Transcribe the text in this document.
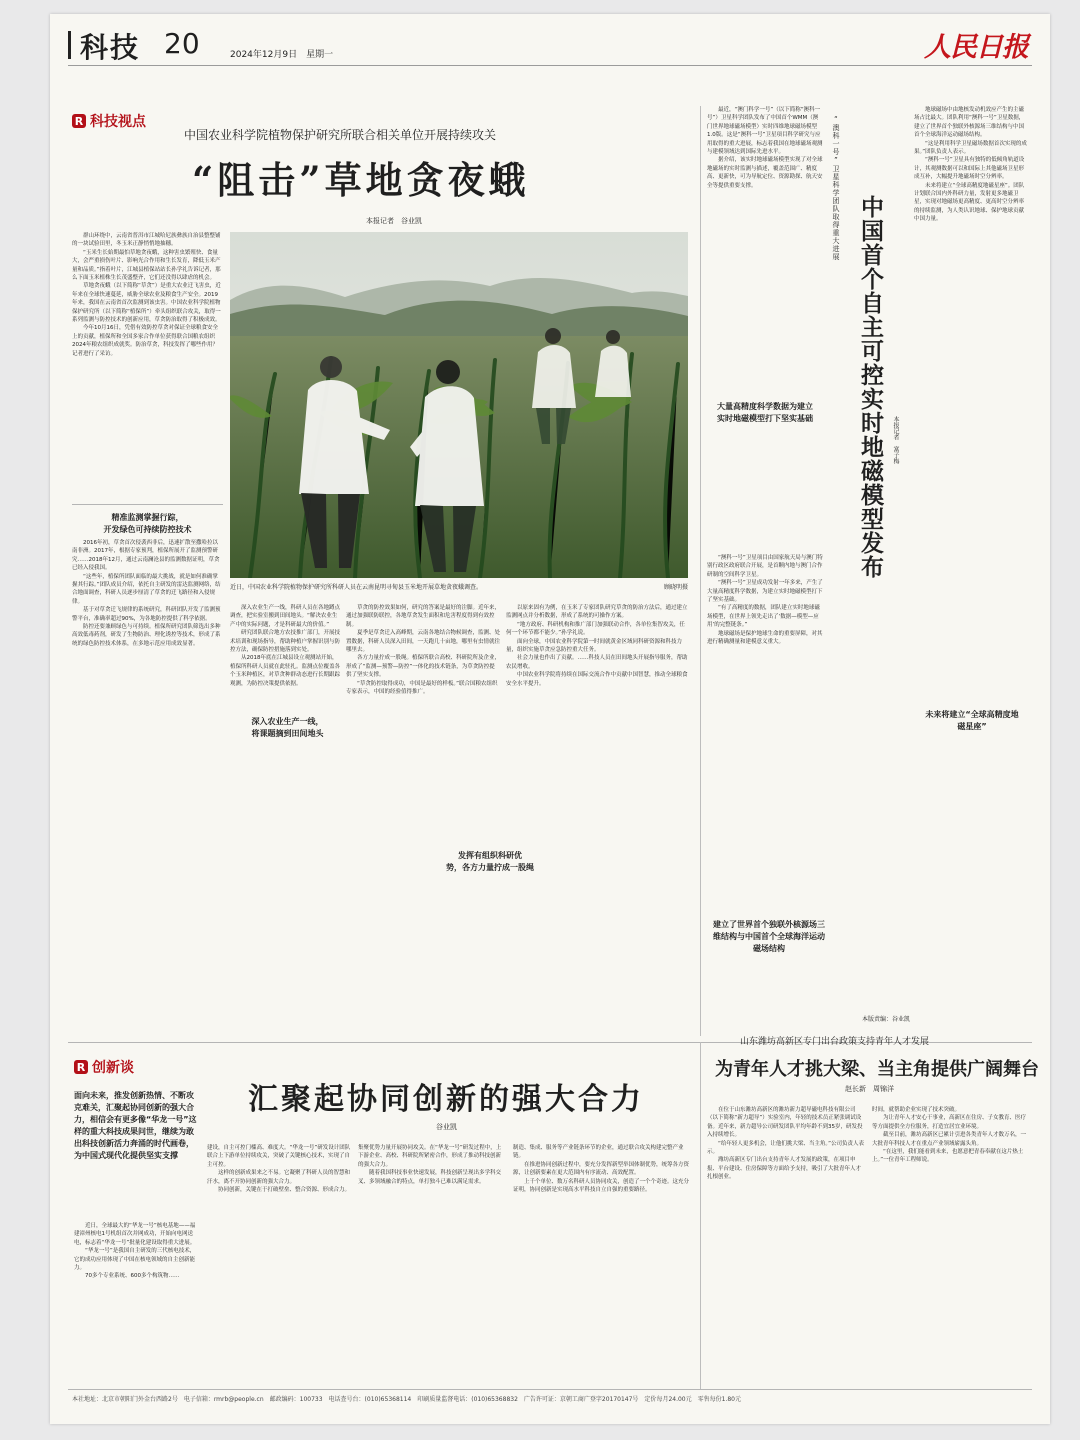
科技 20	2024年12月9日　星期一	人民日报
R 科技视点
中国农业科学院植物保护研究所联合相关单位开展持续攻关
“阻击”草地贪夜蛾
本报记者　谷业凯
　　群山环绕中，云南省普洱市江城哈尼族彝族自治县整整铺的一块试验田里，冬玉米正静悄悄地抽穗。
　　“玉米生长始期最怕草地贪夜蛾，这种害虫繁殖快、食量大，会严重损伤叶片、影响光合作用和生长发育，降低玉米产量和品质。”指着叶片，江城县植保站站长孙学礼告诉记者，那么下面玉米植株生长茂盛整齐，它们还没得以肆虐的机会。
　　草地贪夜蛾（以下简称“草贪”）是重大农业迁飞害虫，近年来在全球快速蔓延，威胁全球农业及粮食生产安全。2019年来，我国在云南省首次监测到该虫害。中国农业科学院植物保护研究所（以下简称“植保所”）牵头组织联合攻关，取得一系列监测与防控技术的创新应用，草贪防治取得了积极成效。
　　今年10月16日，凭借有效防控草贪对保证全球粮食安全上的贡献，植保所和全国多家合作单位获得联合国粮农组织2024年粮农组织成就奖。防治草贪，科技发挥了哪些作用？记者进行了采访。
精准监测掌握行踪，
开发绿色可持续防控技术
　　2016年初，草贪首次侵袭西非后，迅速扩散至撒哈拉以南非洲。2017年，根据专家预判，植保所展开了监测预警研究……2018年12月，通过云南澜沧县的监测数据证明，草贪已经入侵我国。
　　“这些年，植保所团队面临的最大挑战，就是如何准确掌握其行踪。”团队成员介绍，依托自主研发的雷达监测网络，结合地面调查，科研人员逐步厘清了草贪的迁飞路径和入侵规律。
　　基于对草贪迁飞规律的系统研究，科研团队开发了监测预警平台，准确率超过90%，为各地防控提供了科学依据。
　　防控还要兼顾绿色与可持续。植保所研究团队筛选出多种高效低毒药剂，研发了生物防治、理化诱控等技术，形成了系统的绿色防控技术体系，在多地示范应用成效显著。
近日，中国农业科学院植物保护研究所科研人员在云南昆明寻甸县玉米地开展草地贪夜蛾调查。	顾晓明摄
　　深入农业生产一线，科研人员在各地蹲点调查，把实验室搬到田间地头。“解决农业生产中的实际问题，才是科研最大的价值。”
　　研究团队联合地方农技推广部门，开展技术培训和现场指导，帮助种植户掌握识别与防控方法，确保防控措施落到实处。
　　从2018年底在江城县设立观测站开始，植保所科研人员就在此驻扎。监测点位覆盖各个玉米种植区，对草贪种群动态进行长期跟踪观测，为防控决策提供依据。
深入农业生产一线，
将课题摘到田间地头
　　草贪的防控效果如何，研究的答案是最好的注脚。近年来，通过加强联防联控，各地草贪发生面积和危害程度得到有效控制。
　　夏季是草贪迁入高峰期，云南各地结合物候调查，监测、处置数据，科研人员深入田间，一天跑几十亩地，哪里有虫情就往哪里去。
　　各方力量拧成一股绳。植保所联合高校、科研院所及企业，形成了“监测—预警—防控”一体化的技术链条，为草贪防控提供了坚实支撑。
　　“草贪防控取得成功，中国是最好的样板。”联合国粮农组织专家表示，中国的经验值得推广。
发挥有组织科研优
势，各方力量拧成一股绳
　　以原来固有为例，在玉米了专家团队研究草贪的防治方法后，通过建立监测网点并分析数据，形成了系统的可操作方案。
　　“地方政府、科研机构和推广部门加强联动合作，各单位集智攻关，任何一个环节都不能少。”孙学礼说。
　　面向全球，中国农业科学院第一时间就黄金区域同科研资源和科技力量，组织实施草贪应急防控重大任务。
　　社会力量也作出了贡献。……科技人员在田间地头开展指导服务，帮助农民增收。
　　中国农业科学院将持续在国际交流合作中贡献中国智慧，推动全球粮食安全水平提升。
　　最近，“澳门科学一号”（以下简称“澳科一号”）卫星科学团队发布了中国首个WMM（澳门世界地球磁场模型）实时四维地球磁场模型1.0版。这是“澳科一号”卫星项目科学研究与应用取得的重大进展，标志着我国在地球磁场观测与建模领域达到国际先进水平。
　　据介绍，该实时地球磁场模型实现了对全球地磁场的实时监测与描述，覆盖范围广、精度高、更新快，可为导航定位、资源勘探、航天安全等提供重要支撑。
大量高精度科学数据为建立实时地磁模型打下坚实基础
　　“澳科一号”卫星项目由国家航天局与澳门特别行政区政府联合开展，是首颗内地与澳门合作研制的空间科学卫星。
　　“澳科一号”卫星成功发射一年多来，产生了大量高精度科学数据，为建立实时地磁模型打下了坚实基础。
　　“有了高精度的数据，团队建立实时地球磁场模型，在世界上领先走出了‘数据—模型—应用’的完整链条。”
　　地球磁场是保护地球生命的重要屏障，对其进行精确测量和建模意义重大。
建立了世界首个独联外核源场三维结构与中国首个全球海洋运动磁场结构
“澳科一号”卫星科学团队取得重大进展
中国首个自主可控实时地磁模型发布	本报记者　富子梅
　　地球磁场中由地核发动机效应产生的主磁场占比最大。团队利用“澳科一号”卫星数据，建立了世界首个独联外核源场三维结构与中国首个全球海洋运动磁场结构。
　　“这是利用科学卫星磁场数据首次实现的成果。”团队负责人表示。
　　“澳科一号”卫星具有独特的低倾角轨道设计，其观测数据可以和国际上其他磁场卫星形成互补，大幅提升地磁场时空分辨率。
　　未来将建立“全球高精度地磁星座”。团队计划联合国内外科研力量，发射更多地磁卫星，实现对地磁场更高精度、更高时空分辨率的持续监测，为人类认识地球、保护地球贡献中国力量。
未来将建立“全球高精度地磁星座”
本版责编：谷业凯
R 创新谈
面向未来，推发创新热情、不断攻克难关，汇聚起协同创新的强大合力，相信会有更多像“华龙一号”这样的重大科技成果问世，继续为敢出科技创新活力奔涌的时代画卷，为中国式现代化提供坚实支撑
汇聚起协同创新的强大合力
谷业凯
　　近日，全球最大的“华龙一号”核电基地——福建漳州核电1号机组首次并网成功，开始向电网送电，标志着“华龙一号”批量化建设取得重大进展。
　　“华龙一号”是我国自主研发的三代核电技术，它的成功应用体现了中国在核电领域的自主创新能力。
　　70多个专业系统、600多个构筑物……
建设，自主可控门槛高、难度大。“华龙一号”研发设计团队联合上下游单位持续攻关，突破了关键核心技术，实现了自主可控。
　　这样的创新成果来之不易。它凝聚了科研人员的智慧和汗水，离不开协同创新的强大合力。
　　协同创新，关键在于打破壁垒、整合资源、形成合力。
集聚优势力量开展协同攻关。在“华龙一号”研发过程中，上下游企业、高校、科研院所紧密合作，形成了推动科技创新的强大合力。
　　随着我国科技事业快速发展，科技创新呈现出多学科交叉、多领域融合的特点，单打独斗已难以满足需求。
制造、集成、服务等产业链条环节的企业，通过联合攻关构建完整产业链。
　　在推进协同创新过程中，要充分发挥新型举国体制优势，统筹各方资源，让创新要素在更大范围内有序流动、高效配置。
　　上千个单位、数万名科研人员协同攻关，创造了一个个奇迹。这充分证明，协同创新是实现高水平科技自立自强的重要路径。
山东潍坊高新区专门出台政策支持青年人才发展
为青年人才挑大梁、当主角提供广阔舞台
赵长新　周锦洋
　　在位于山东潍坊高新区的潍坊新力超导磁电科技有限公司（以下简称“新力超导”）实验室内，年轻的技术员正紧张调试设备。近年来，新力超导公司研发团队平均年龄不到35岁，研发投入持续增长。
　　“给年轻人更多机会，让他们挑大梁、当主角。”公司负责人表示。
　　潍坊高新区专门出台支持青年人才发展的政策，在项目申报、平台建设、住房保障等方面给予支持，吸引了大批青年人才扎根创业。
时间，就帮助企业实现了技术突破。
　　为让青年人才安心干事业，高新区在住房、子女教育、医疗等方面提供全方位服务，打造宜居宜业环境。
　　截至目前，潍坊高新区已累计引进各类青年人才数万名，一大批青年科技人才在重点产业领域崭露头角。
　　“在这里，我们能看到未来，也愿意把青春奉献在这片热土上。”一位青年工程师说。
本社地址：北京市朝阳门外金台西路2号　电子信箱：rmrb@people.cn　邮政编码：100733　电话查号台：(010)65368114　印刷质量监督电话：(010)65368832　广告许可证：京朝工商广登字20170147号　定价每月24.00元　零售每份1.80元
